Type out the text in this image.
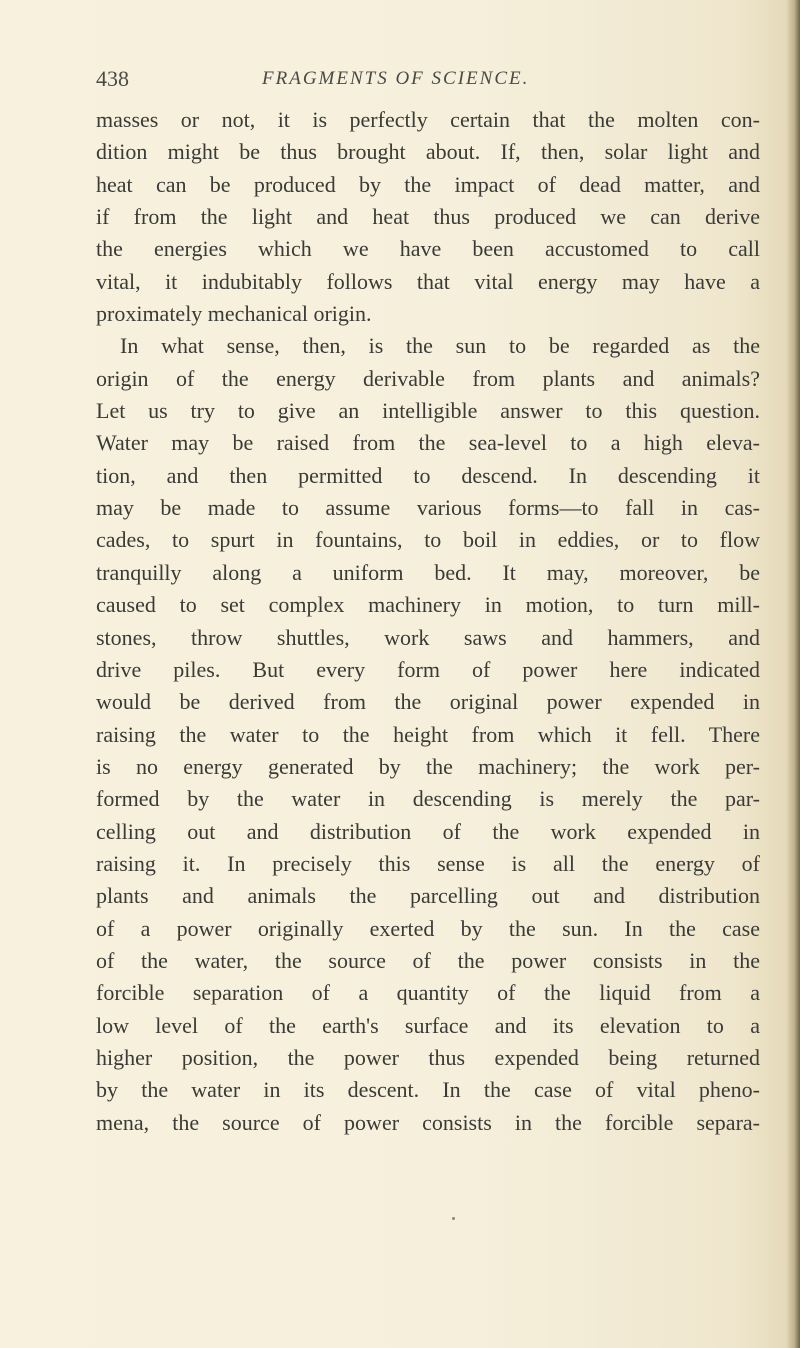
438	FRAGMENTS OF SCIENCE.
masses or not, it is perfectly certain that the molten con-
dition might be thus brought about. If, then, solar light and
heat can be produced by the impact of dead matter, and
if from the light and heat thus produced we can derive
the energies which we have been accustomed to call
vital, it indubitably follows that vital energy may have a
proximately mechanical origin.
In what sense, then, is the sun to be regarded as the
origin of the energy derivable from plants and animals?
Let us try to give an intelligible answer to this question.
Water may be raised from the sea-level to a high eleva-
tion, and then permitted to descend. In descending it
may be made to assume various forms—to fall in cas-
cades, to spurt in fountains, to boil in eddies, or to flow
tranquilly along a uniform bed. It may, moreover, be
caused to set complex machinery in motion, to turn mill-
stones, throw shuttles, work saws and hammers, and
drive piles. But every form of power here indicated
would be derived from the original power expended in
raising the water to the height from which it fell. There
is no energy generated by the machinery; the work per-
formed by the water in descending is merely the par-
celling out and distribution of the work expended in
raising it. In precisely this sense is all the energy of
plants and animals the parcelling out and distribution
of a power originally exerted by the sun. In the case
of the water, the source of the power consists in the
forcible separation of a quantity of the liquid from a
low level of the earth's surface and its elevation to a
higher position, the power thus expended being returned
by the water in its descent. In the case of vital pheno-
mena, the source of power consists in the forcible separa-
